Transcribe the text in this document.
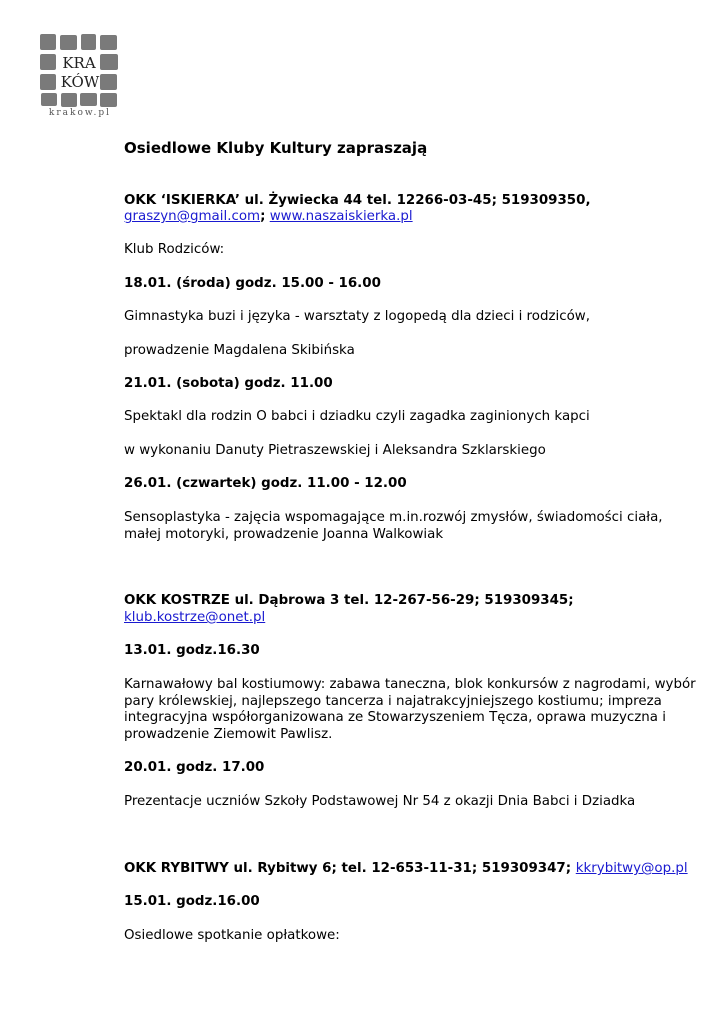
KRA
KÓW
krakow.pl
Osiedlowe Kluby Kultury zapraszają
OKK ‘ISKIERKA’ ul. Żywiecka 44 tel. 12266-03-45; 519309350,
graszyn@gmail.com; www.naszaiskierka.pl
Klub Rodziców:
18.01. (środa) godz. 15.00 - 16.00
Gimnastyka buzi i języka - warsztaty z logopedą dla dzieci i rodziców,
prowadzenie Magdalena Skibińska
21.01. (sobota) godz. 11.00
Spektakl dla rodzin O babci i dziadku czyli zagadka zaginionych kapci
w wykonaniu Danuty Pietraszewskiej i Aleksandra Szklarskiego
26.01. (czwartek) godz. 11.00 - 12.00
Sensoplastyka - zajęcia wspomagające m.in.rozwój zmysłów, świadomości ciała,
małej motoryki, prowadzenie Joanna Walkowiak
OKK KOSTRZE ul. Dąbrowa 3 tel. 12-267-56-29; 519309345;
klub.kostrze@onet.pl
13.01. godz.16.30
Karnawałowy bal kostiumowy: zabawa taneczna, blok konkursów z nagrodami, wybór
pary królewskiej, najlepszego tancerza i najatrakcyjniejszego kostiumu; impreza
integracyjna współorganizowana ze Stowarzyszeniem Tęcza, oprawa muzyczna i
prowadzenie Ziemowit Pawlisz.
20.01. godz. 17.00
Prezentacje uczniów Szkoły Podstawowej Nr 54 z okazji Dnia Babci i Dziadka
OKK RYBITWY ul. Rybitwy 6; tel. 12-653-11-31; 519309347; kkrybitwy@op.pl
15.01. godz.16.00
Osiedlowe spotkanie opłatkowe:
